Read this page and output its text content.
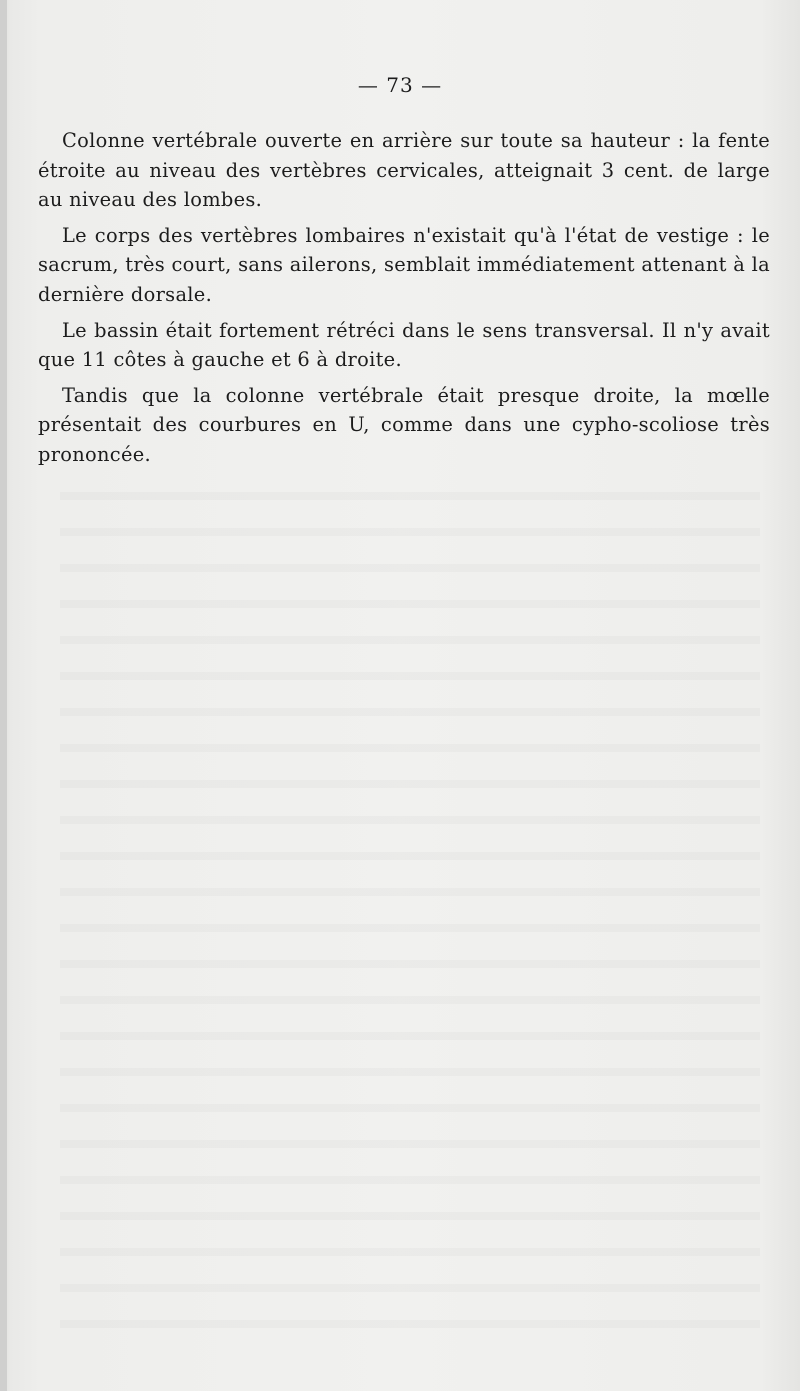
— 73 —

Colonne vertébrale ouverte en arrière sur toute sa hauteur : la fente étroite au niveau des vertèbres cervicales, atteignait 3 cent. de large au niveau des lombes.

Le corps des vertèbres lombaires n'existait qu'à l'état de vestige : le sacrum, très court, sans ailerons, semblait immédiatement attenant à la dernière dorsale.

Le bassin était fortement rétréci dans le sens transversal. Il n'y avait que 11 côtes à gauche et 6 à droite.

Tandis que la colonne vertébrale était presque droite, la mœlle présentait des courbures en U, comme dans une cypho-scoliose très prononcée.
